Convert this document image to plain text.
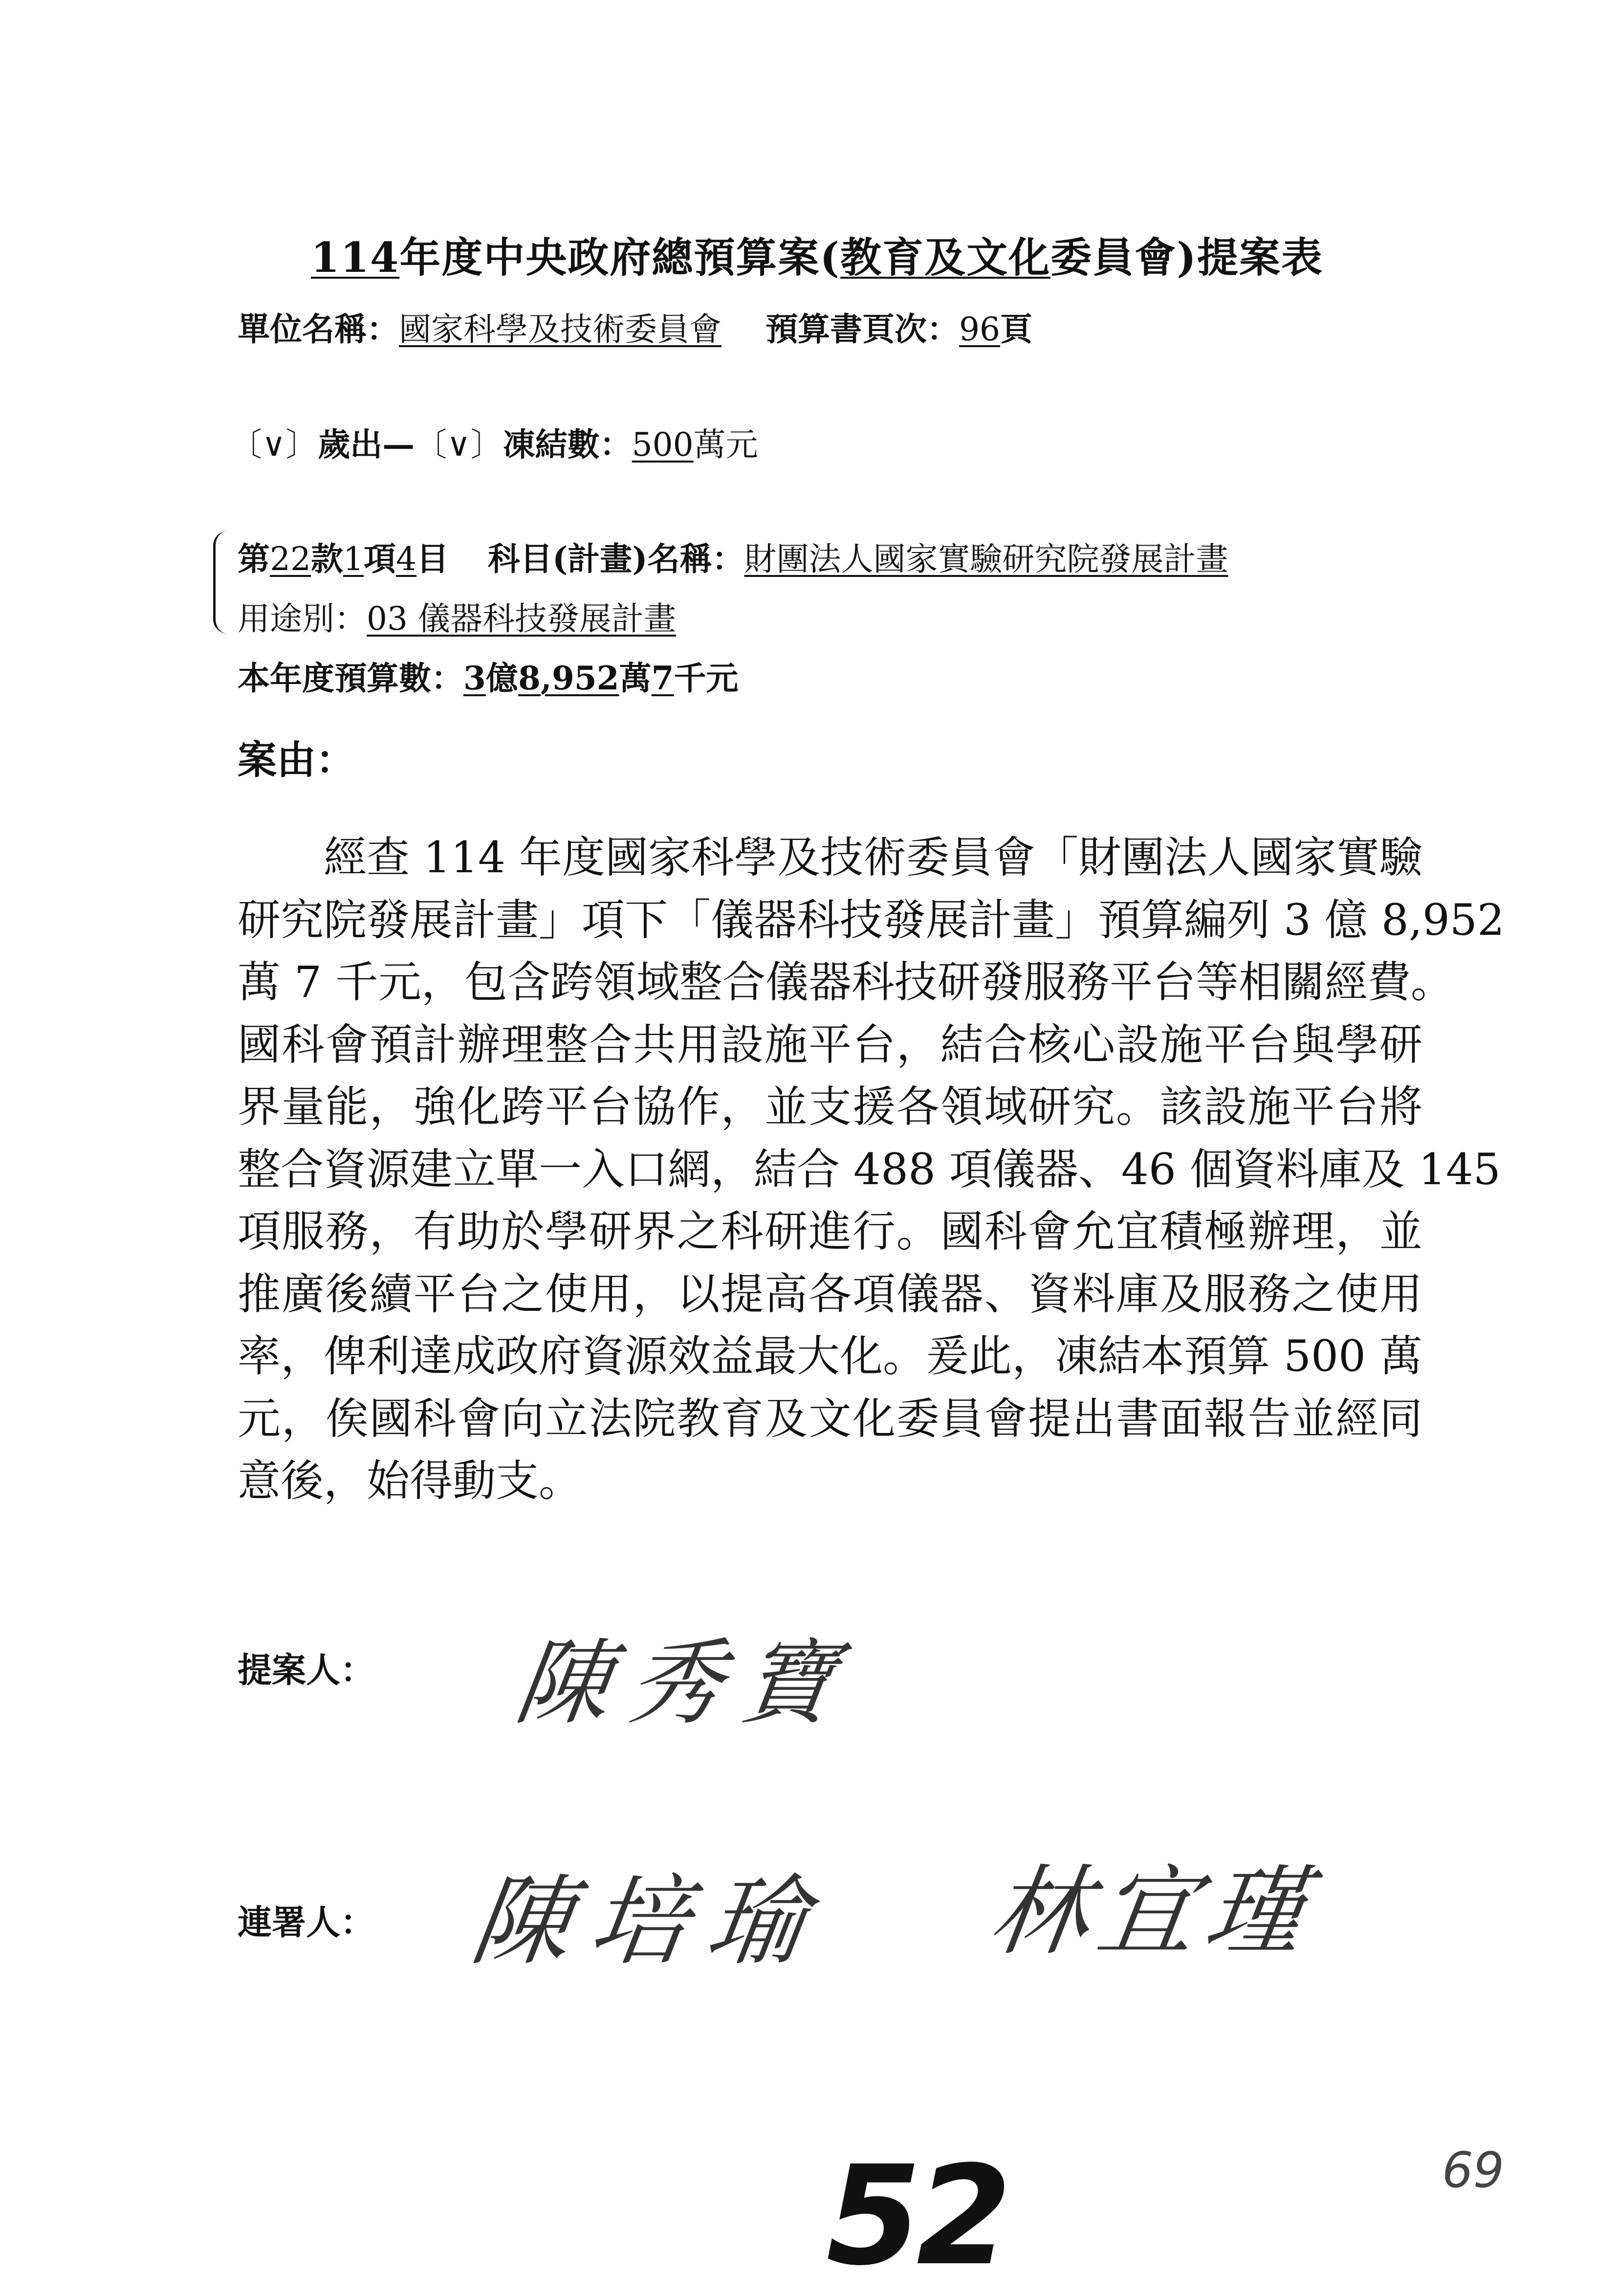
114年度中央政府總預算案(教育及文化委員會)提案表
單位名稱：國家科學及技術委員會 預算書頁次：96頁
〔∨〕歲出—〔∨〕凍結數：500萬元
第22款1項4目 科目(計畫)名稱：財團法人國家實驗研究院發展計畫
用途別：03 儀器科技發展計畫
本年度預算數：3億8,952萬7千元
案由：
經查 114 年度國家科學及技術委員會「財團法人國家實驗
研究院發展計畫」項下「儀器科技發展計畫」預算編列 3 億 8,952
萬 7 千元，包含跨領域整合儀器科技研發服務平台等相關經費。
國科會預計辦理整合共用設施平台，結合核心設施平台與學研
界量能，強化跨平台協作，並支援各領域研究。該設施平台將
整合資源建立單一入口網，結合 488 項儀器、46 個資料庫及 145
項服務，有助於學研界之科研進行。國科會允宜積極辦理，並
推廣後續平台之使用，以提高各項儀器、資料庫及服務之使用
率，俾利達成政府資源效益最大化。爰此，凍結本預算 500 萬
元，俟國科會向立法院教育及文化委員會提出書面報告並經同
意後，始得動支。
提案人： 陳秀寶
連署人： 陳培瑜 林宜瑾
52	69
